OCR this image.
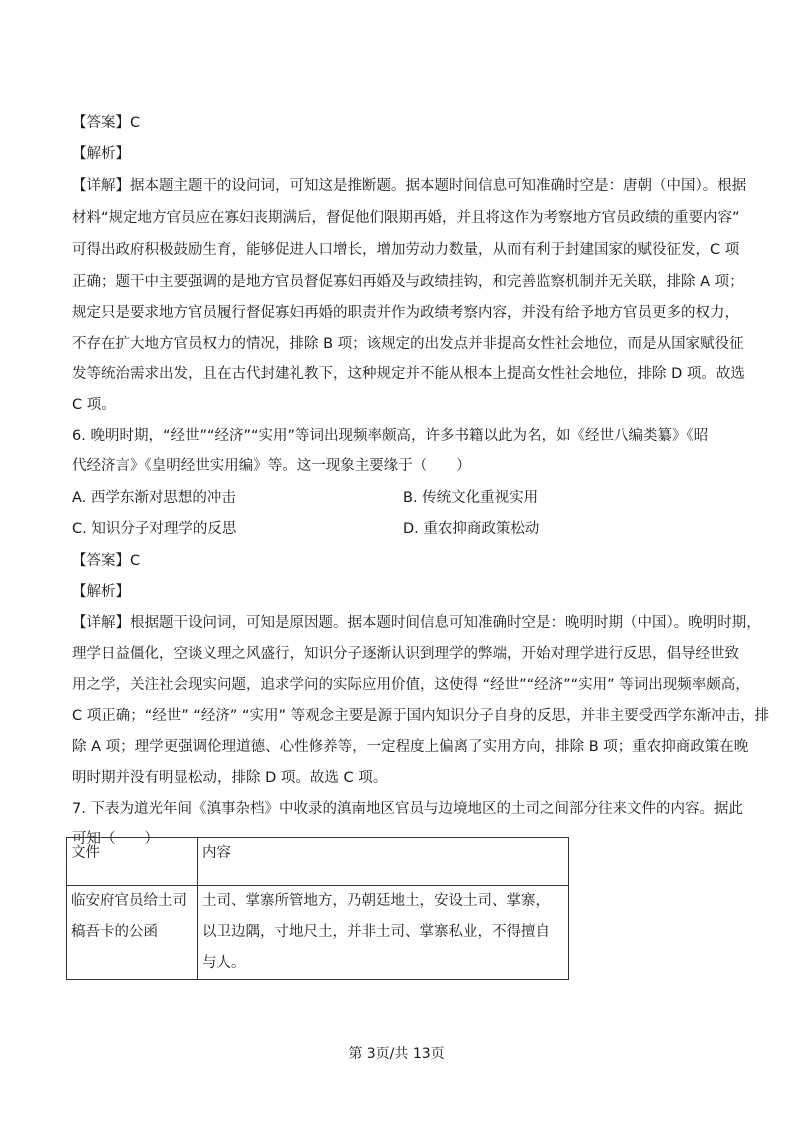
【答案】C
【解析】
【详解】据本题主题干的设问词，可知这是推断题。据本题时间信息可知准确时空是：唐朝（中国）。根据
材料“规定地方官员应在寡妇丧期满后，督促他们限期再婚，并且将这作为考察地方官员政绩的重要内容”
可得出政府积极鼓励生育，能够促进人口增长，增加劳动力数量，从而有利于封建国家的赋役征发，C 项
正确；题干中主要强调的是地方官员督促寡妇再婚及与政绩挂钩，和完善监察机制并无关联，排除 A 项；
规定只是要求地方官员履行督促寡妇再婚的职责并作为政绩考察内容，并没有给予地方官员更多的权力，
不存在扩大地方官员权力的情况，排除 B 项；该规定的出发点并非提高女性社会地位，而是从国家赋役征
发等统治需求出发，且在古代封建礼教下，这种规定并不能从根本上提高女性社会地位，排除 D 项。故选
C 项。
6. 晚明时期，“经世”“经济”“实用”等词出现频率颇高，许多书籍以此为名，如《经世八编类纂》《昭
代经济言》《皇明经世实用编》等。这一现象主要缘于（　　）
A. 西学东渐对思想的冲击	B. 传统文化重视实用
C. 知识分子对理学的反思	D. 重农抑商政策松动
【答案】C
【解析】
【详解】根据题干设问词，可知是原因题。据本题时间信息可知准确时空是：晚明时期（中国）。晚明时期，
理学日益僵化，空谈义理之风盛行，知识分子逐渐认识到理学的弊端，开始对理学进行反思，倡导经世致
用之学，关注社会现实问题，追求学问的实际应用价值，这使得 “经世”“经济”“实用” 等词出现频率颇高，
C 项正确；“经世” “经济” “实用” 等观念主要是源于国内知识分子自身的反思，并非主要受西学东渐冲击，排
除 A 项；理学更强调伦理道德、心性修养等，一定程度上偏离了实用方向，排除 B 项；重农抑商政策在晚
明时期并没有明显松动，排除 D 项。故选 C 项。
7. 下表为道光年间《滇事杂档》中收录的滇南地区官员与边境地区的土司之间部分往来文件的内容。据此
可知（　　）
文件	内容
临安府官员给土司稿吾卡的公函	土司、掌寨所管地方，乃朝廷地土，安设土司、掌寨，以卫边隅，寸地尺土，并非土司、掌寨私业，不得擅自与人。
第 3页/共 13页
